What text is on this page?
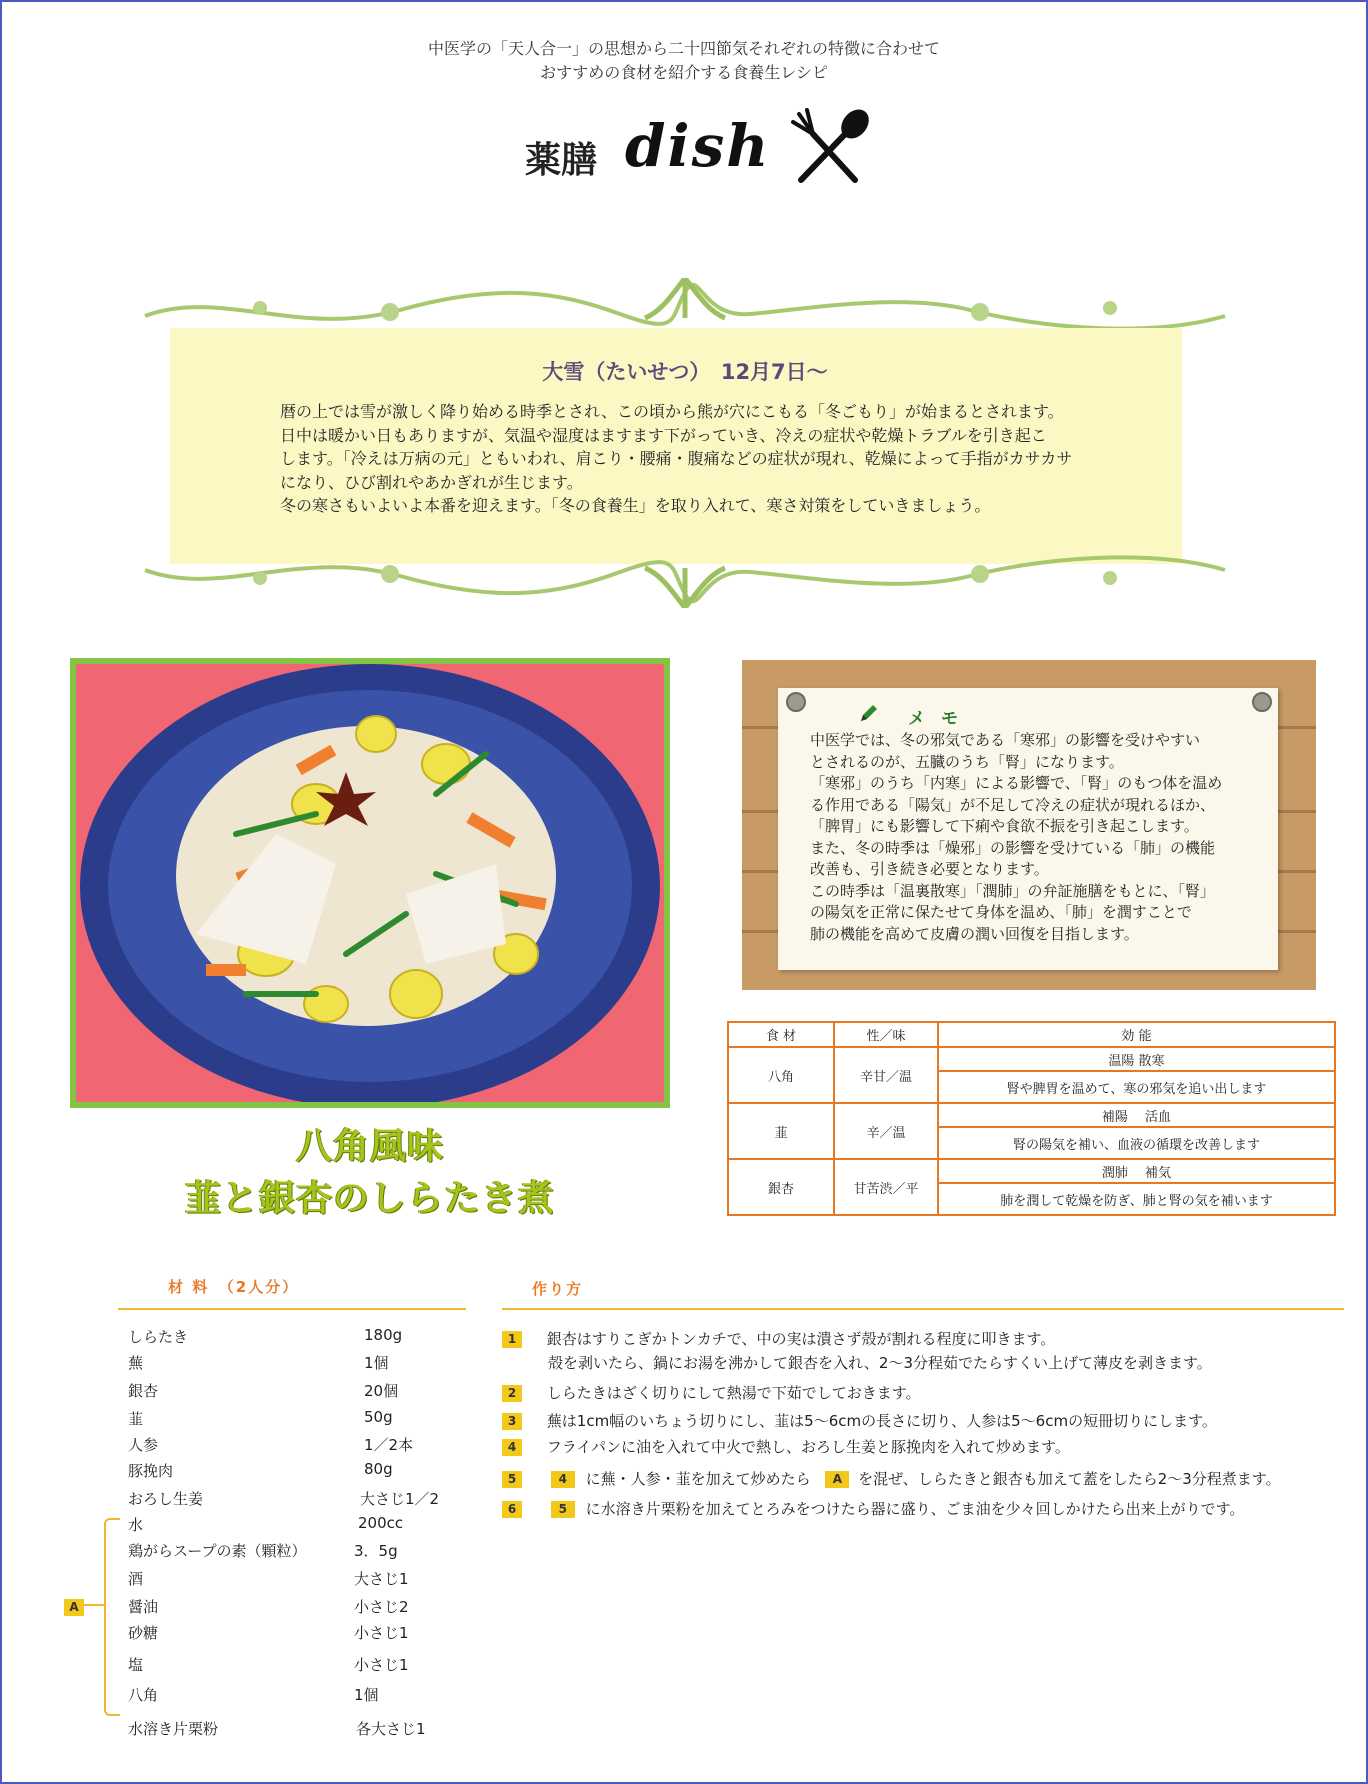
中医学の「天人合一」の思想から二十四節気それぞれの特徴に合わせて
おすすめの食材を紹介する食養生レシピ
薬膳 dish
大雪（たいせつ）　12月7日～
暦の上では雪が激しく降り始める時季とされ、この頃から熊が穴にこもる「冬ごもり」が始まるとされます。
日中は暖かい日もありますが、気温や湿度はますます下がっていき、冷えの症状や乾燥トラブルを引き起こ
します。「冷えは万病の元」ともいわれ、肩こり・腰痛・腹痛などの症状が現れ、乾燥によって手指がカサカサ
になり、ひび割れやあかぎれが生じます。
冬の寒さもいよいよ本番を迎えます。「冬の食養生」を取り入れて、寒さ対策をしていきましょう。
八角風味
韮と銀杏のしらたき煮
メモ
中医学では、冬の邪気である「寒邪」の影響を受けやすい
とされるのが、五臓のうち「腎」になります。
「寒邪」のうち「内寒」による影響で、「腎」のもつ体を温め
る作用である「陽気」が不足して冷えの症状が現れるほか、
「脾胃」にも影響して下痢や食欲不振を引き起こします。
また、冬の時季は「燥邪」の影響を受けている「肺」の機能
改善も、引き続き必要となります。
この時季は「温裏散寒」「潤肺」の弁証施膳をもとに、「腎」
の陽気を正常に保たせて身体を温め、「肺」を潤すことで
肺の機能を高めて皮膚の潤い回復を目指します。
食 材	性／味	効 能
八角	辛甘／温	温陽 散寒
		腎や脾胃を温めて、寒の邪気を追い出します
韮	辛／温	補陽　 活血
		腎の陽気を補い、血液の循環を改善します
銀杏	甘苦渋／平	潤肺　 補気
		肺を潤して乾燥を防ぎ、肺と腎の気を補います
材 料　（2人分）
しらたき	180g
蕪	1個
銀杏	20個
韮	50g
人参	1／2本
豚挽肉	80g
おろし生姜	大さじ1／2
A
水	200cc
鶏がらスープの素（顆粒）	3．5g
酒	大さじ1
醤油	小さじ2
砂糖	小さじ1
塩	小さじ1
八角	1個
水溶き片栗粉	各大さじ1
作り方
1 銀杏はすりこぎかトンカチで、中の実は潰さず殻が割れる程度に叩きます。
殻を剥いたら、鍋にお湯を沸かして銀杏を入れ、2～3分程茹でたらすくい上げて薄皮を剥きます。
2 しらたきはざく切りにして熱湯で下茹でしておきます。
3 蕪は1cm幅のいちょう切りにし、韮は5～6cmの長さに切り、人参は5～6cmの短冊切りにします。
4 フライパンに油を入れて中火で熱し、おろし生姜と豚挽肉を入れて炒めます。
5	4 に蕪・人参・韮を加えて炒めたら A を混ぜ、しらたきと銀杏も加えて蓋をしたら2～3分程煮ます。
6	5 に水溶き片栗粉を加えてとろみをつけたら器に盛り、ごま油を少々回しかけたら出来上がりです。
